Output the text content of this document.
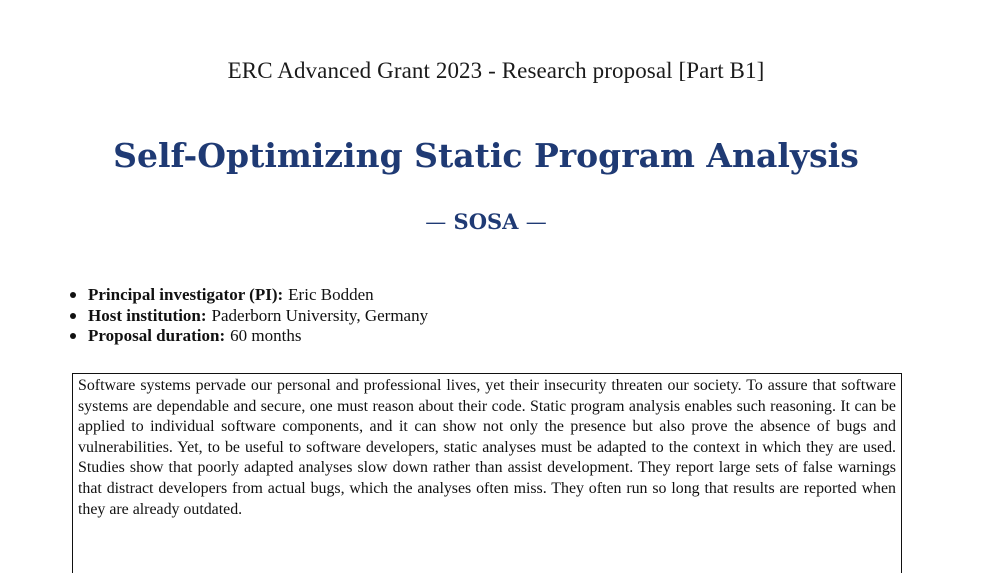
ERC Advanced Grant 2023 - Research proposal [Part B1]
Self-Optimizing Static Program Analysis
— SOSA —
Principal investigator (PI): Eric Bodden
Host institution: Paderborn University, Germany
Proposal duration: 60 months
Software systems pervade our personal and professional lives, yet their insecurity threaten our society. To assure that software systems are dependable and secure, one must reason about their code. Static program analysis enables such reasoning. It can be applied to individual software components, and it can show not only the presence but also prove the absence of bugs and vulnerabilities. Yet, to be useful to software developers, static analyses must be adapted to the context in which they are used. Studies show that poorly adapted analyses slow down rather than assist development. They report large sets of false warnings that distract developers from actual bugs, which the analyses often miss. They often run so long that results are reported when they are already outdated.
